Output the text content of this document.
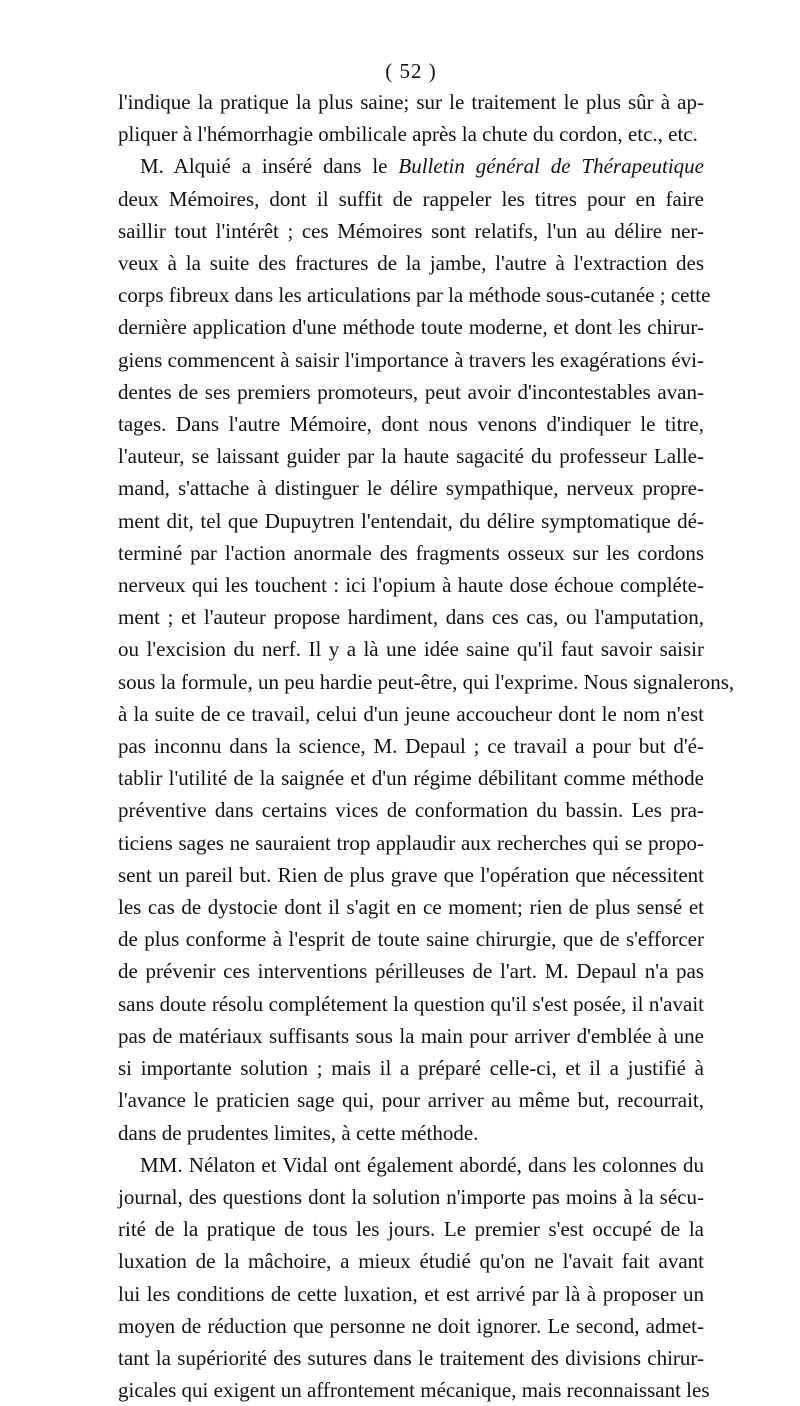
( 52 )
l'indique la pratique la plus saine; sur le traitement le plus sûr à ap-
pliquer à l'hémorrhagie ombilicale après la chute du cordon, etc., etc.
M. Alquié a inséré dans le Bulletin général de Thérapeutique
deux Mémoires, dont il suffit de rappeler les titres pour en faire
saillir tout l'intérêt ; ces Mémoires sont relatifs, l'un au délire ner-
veux à la suite des fractures de la jambe, l'autre à l'extraction des
corps fibreux dans les articulations par la méthode sous-cutanée ; cette
dernière application d'une méthode toute moderne, et dont les chirur-
giens commencent à saisir l'importance à travers les exagérations évi-
dentes de ses premiers promoteurs, peut avoir d'incontestables avan-
tages. Dans l'autre Mémoire, dont nous venons d'indiquer le titre,
l'auteur, se laissant guider par la haute sagacité du professeur Lalle-
mand, s'attache à distinguer le délire sympathique, nerveux propre-
ment dit, tel que Dupuytren l'entendait, du délire symptomatique dé-
terminé par l'action anormale des fragments osseux sur les cordons
nerveux qui les touchent : ici l'opium à haute dose échoue compléte-
ment ; et l'auteur propose hardiment, dans ces cas, ou l'amputation,
ou l'excision du nerf. Il y a là une idée saine qu'il faut savoir saisir
sous la formule, un peu hardie peut-être, qui l'exprime. Nous signalerons,
à la suite de ce travail, celui d'un jeune accoucheur dont le nom n'est
pas inconnu dans la science, M. Depaul ; ce travail a pour but d'é-
tablir l'utilité de la saignée et d'un régime débilitant comme méthode
préventive dans certains vices de conformation du bassin. Les pra-
ticiens sages ne sauraient trop applaudir aux recherches qui se propo-
sent un pareil but. Rien de plus grave que l'opération que nécessitent
les cas de dystocie dont il s'agit en ce moment; rien de plus sensé et
de plus conforme à l'esprit de toute saine chirurgie, que de s'efforcer
de prévenir ces interventions périlleuses de l'art. M. Depaul n'a pas
sans doute résolu complétement la question qu'il s'est posée, il n'avait
pas de matériaux suffisants sous la main pour arriver d'emblée à une
si importante solution ; mais il a préparé celle-ci, et il a justifié à
l'avance le praticien sage qui, pour arriver au même but, recourrait,
dans de prudentes limites, à cette méthode.
MM. Nélaton et Vidal ont également abordé, dans les colonnes du
journal, des questions dont la solution n'importe pas moins à la sécu-
rité de la pratique de tous les jours. Le premier s'est occupé de la
luxation de la mâchoire, a mieux étudié qu'on ne l'avait fait avant
lui les conditions de cette luxation, et est arrivé par là à proposer un
moyen de réduction que personne ne doit ignorer. Le second, admet-
tant la supériorité des sutures dans le traitement des divisions chirur-
gicales qui exigent un affrontement mécanique, mais reconnaissant les
